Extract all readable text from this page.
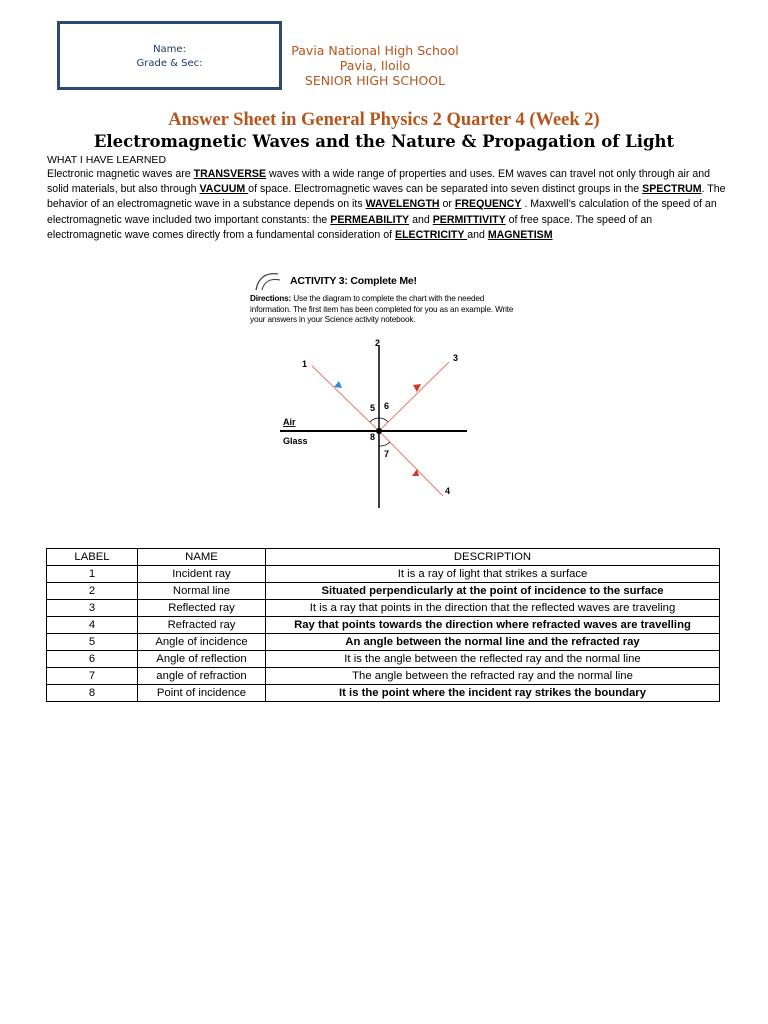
Name:
Grade & Sec:
Pavia National High School
Pavia, Iloilo
SENIOR HIGH SCHOOL
Answer Sheet in General Physics 2 Quarter 4 (Week 2)
Electromagnetic Waves and the Nature & Propagation of Light
WHAT I HAVE LEARNED
Electronic magnetic waves are TRANSVERSE waves with a wide range of properties and uses. EM waves can travel not only through air and solid materials, but also through VACUUM of space. Electromagnetic waves can be separated into seven distinct groups in the SPECTRUM. The behavior of an electromagnetic wave in a substance depends on its WAVELENGTH or FREQUENCY . Maxwell’s calculation of the speed of an electromagnetic wave included two important constants: the PERMEABILITY and PERMITTIVITY of free space. The speed of an electromagnetic wave comes directly from a fundamental consideration of ELECTRICITY and MAGNETISM
ACTIVITY 3: Complete Me!
Directions: Use the diagram to complete the chart with the needed information. The first item has been completed for you as an example. Write your answers in your Science activity notebook.
1
2
3
4
5 6
7
8
Air
Glass
LABEL	NAME	DESCRIPTION
1	Incident ray	It is a ray of light that strikes a surface
2	Normal line	Situated perpendicularly at the point of incidence to the surface
3	Reflected ray	It is a ray that points in the direction that the reflected waves are traveling
4	Refracted ray	Ray that points towards the direction where refracted waves are travelling
5	Angle of incidence	An angle between the normal line and the refracted ray
6	Angle of reflection	It is the angle between the reflected ray and the normal line
7	angle of refraction	The angle between the refracted ray and the normal line
8	Point of incidence	It is the point where the incident ray strikes the boundary
